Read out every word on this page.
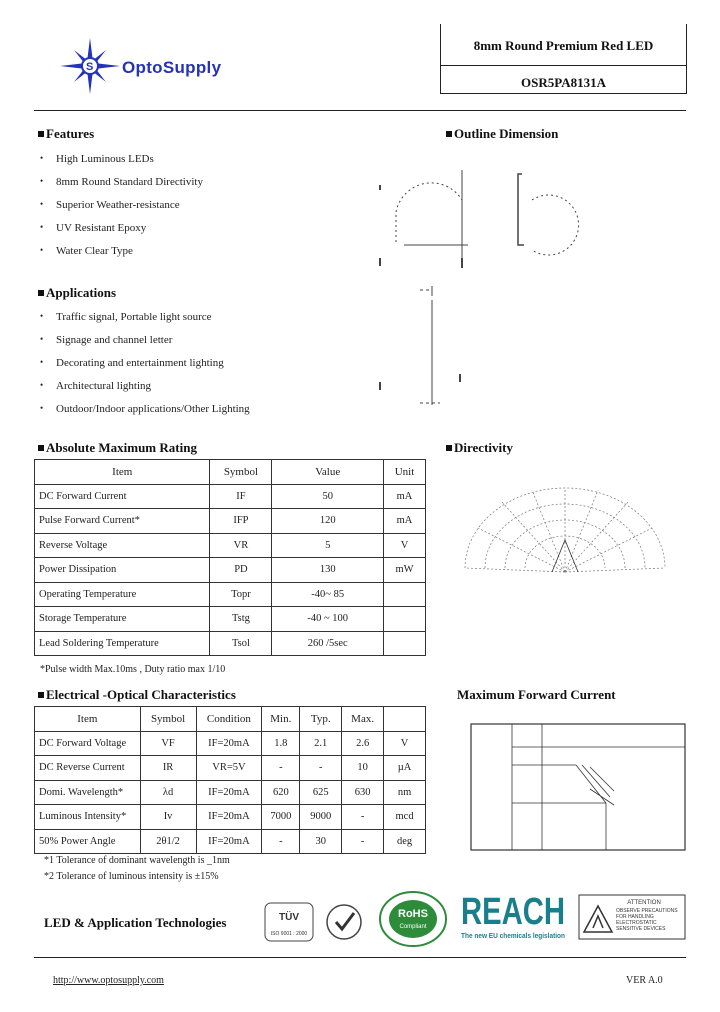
S OptoSupply
8mm Round Premium Red LED
OSR5PA8131A
Features
• High Luminous LEDs
• 8mm Round Standard Directivity
• Superior Weather-resistance
• UV Resistant Epoxy
• Water Clear Type
Applications
• Traffic signal, Portable light source
• Signage and channel letter
• Decorating and entertainment lighting
• Architectural lighting
• Outdoor/Indoor applications/Other Lighting
Outline Dimension
Directivity
Absolute Maximum Rating
Item	Symbol	Value	Unit
DC Forward Current	IF	50	mA
Pulse Forward Current*	IFP	120	mA
Reverse Voltage	VR	5	V
Power Dissipation	PD	130	mW
Operating Temperature	Topr	-40~ 85	
Storage Temperature	Tstg	-40 ~ 100	
Lead Soldering Temperature	Tsol	260 /5sec	
*Pulse width Max.10ms , Duty ratio max 1/10
Electrical -Optical Characteristics
Item	Symbol	Condition	Min.	Typ.	Max.	
DC Forward Voltage	VF	IF=20mA	1.8	2.1	2.6	V
DC Reverse Current	IR	VR=5V	-	-	10	µA
Domi. Wavelength*	λd	IF=20mA	620	625	630	nm
Luminous Intensity*	Iv	IF=20mA	7000	9000	-	mcd
50% Power Angle	2θ1/2	IF=20mA	-	30	-	deg
*1 Tolerance of dominant wavelength is _1nm
*2 Tolerance of luminous intensity is ±15%
Maximum Forward Current
LED & Application Technologies	TÜV
ISO 9001 : 2000
RoHS
Compliant REACH
The new EU chemicals legislation
ATTENTION
OBSERVE PRECAUTIONS FOR HANDLING ELECTROSTATIC SENSITIVE DEVICES
http://www.optosupply.com	VER A.0
